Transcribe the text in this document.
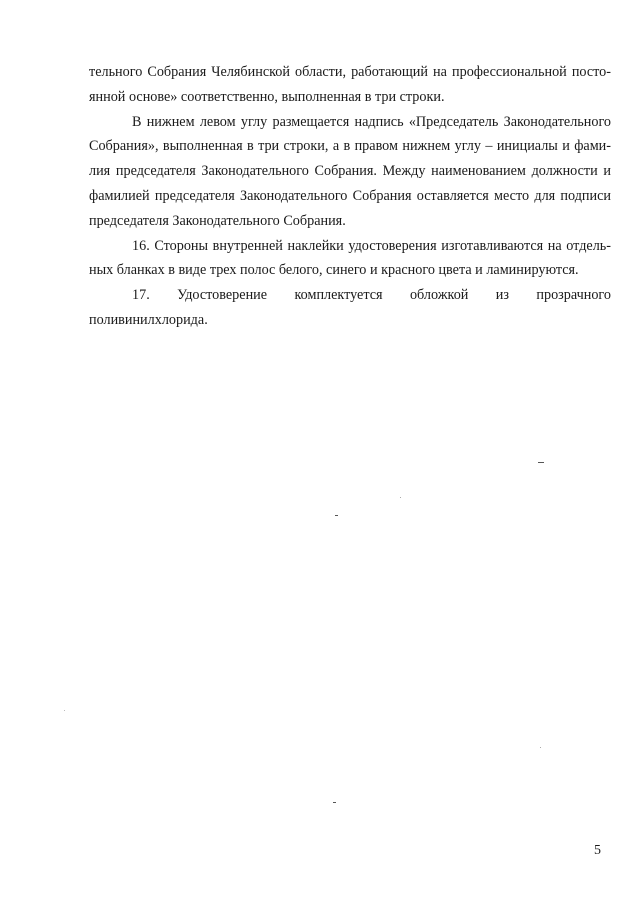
тельного Собрания Челябинской области, работающий на профессиональной посто-янной основе» соответственно, выполненная в три строки.

В нижнем левом углу размещается надпись «Председатель Законодательного Собрания», выполненная в три строки, а в правом нижнем углу – инициалы и фами-лия председателя Законодательного Собрания. Между наименованием должности и фамилией председателя Законодательного Собрания оставляется место для подписи председателя Законодательного Собрания.

16. Стороны внутренней наклейки удостоверения изготавливаются на отдель-ных бланках в виде трех полос белого, синего и красного цвета и ламинируются.

17. Удостоверение комплектуется обложкой из прозрачного поливинилхлорида.

5
